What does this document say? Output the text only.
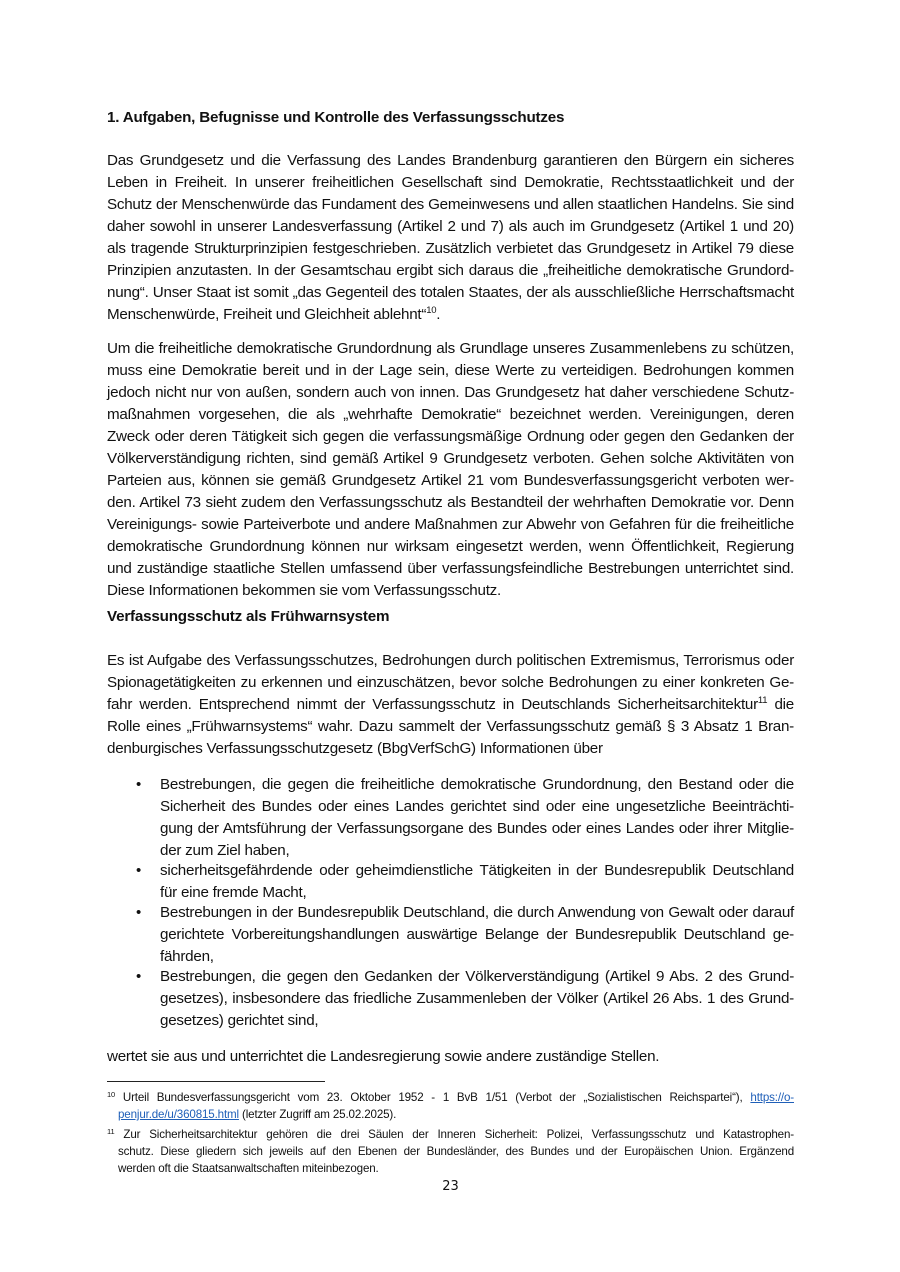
1. Aufgaben, Befugnisse und Kontrolle des Verfassungsschutzes
Das Grundgesetz und die Verfassung des Landes Brandenburg garantieren den Bürgern ein sicheres
Leben in Freiheit. In unserer freiheitlichen Gesellschaft sind Demokratie, Rechtsstaatlichkeit und der
Schutz der Menschenwürde das Fundament des Gemeinwesens und allen staatlichen Handelns. Sie sind
daher sowohl in unserer Landesverfassung (Artikel 2 und 7) als auch im Grundgesetz (Artikel 1 und 20)
als tragende Strukturprinzipien festgeschrieben. Zusätzlich verbietet das Grundgesetz in Artikel 79 diese
Prinzipien anzutasten. In der Gesamtschau ergibt sich daraus die „freiheitliche demokratische Grundord-
nung“. Unser Staat ist somit „das Gegenteil des totalen Staates, der als ausschließliche Herrschaftsmacht
Menschenwürde, Freiheit und Gleichheit ablehnt“$^{10}$.
Um die freiheitliche demokratische Grundordnung als Grundlage unseres Zusammenlebens zu schützen,
muss eine Demokratie bereit und in der Lage sein, diese Werte zu verteidigen. Bedrohungen kommen
jedoch nicht nur von außen, sondern auch von innen. Das Grundgesetz hat daher verschiedene Schutz-
maßnahmen vorgesehen, die als „wehrhafte Demokratie“ bezeichnet werden. Vereinigungen, deren
Zweck oder deren Tätigkeit sich gegen die verfassungsmäßige Ordnung oder gegen den Gedanken der
Völkerverständigung richten, sind gemäß Artikel 9 Grundgesetz verboten. Gehen solche Aktivitäten von
Parteien aus, können sie gemäß Grundgesetz Artikel 21 vom Bundesverfassungsgericht verboten wer-
den. Artikel 73 sieht zudem den Verfassungsschutz als Bestandteil der wehrhaften Demokratie vor. Denn
Vereinigungs- sowie Parteiverbote und andere Maßnahmen zur Abwehr von Gefahren für die freiheitliche
demokratische Grundordnung können nur wirksam eingesetzt werden, wenn Öffentlichkeit, Regierung
und zuständige staatliche Stellen umfassend über verfassungsfeindliche Bestrebungen unterrichtet sind.
Diese Informationen bekommen sie vom Verfassungsschutz.
Verfassungsschutz als Frühwarnsystem
Es ist Aufgabe des Verfassungsschutzes, Bedrohungen durch politischen Extremismus, Terrorismus oder
Spionagetätigkeiten zu erkennen und einzuschätzen, bevor solche Bedrohungen zu einer konkreten Ge-
fahr werden. Entsprechend nimmt der Verfassungsschutz in Deutschlands Sicherheitsarchitektur$^{11}$ die
Rolle eines „Frühwarnsystems“ wahr. Dazu sammelt der Verfassungsschutz gemäß § 3 Absatz 1 Bran-
denburgisches Verfassungsschutzgesetz (BbgVerfSchG) Informationen über
• Bestrebungen, die gegen die freiheitliche demokratische Grundordnung, den Bestand oder die
Sicherheit des Bundes oder eines Landes gerichtet sind oder eine ungesetzliche Beeinträchti-
gung der Amtsführung der Verfassungsorgane des Bundes oder eines Landes oder ihrer Mitglie-
der zum Ziel haben,
• sicherheitsgefährdende oder geheimdienstliche Tätigkeiten in der Bundesrepublik Deutschland
für eine fremde Macht,
• Bestrebungen in der Bundesrepublik Deutschland, die durch Anwendung von Gewalt oder darauf
gerichtete Vorbereitungshandlungen auswärtige Belange der Bundesrepublik Deutschland ge-
fährden,
• Bestrebungen, die gegen den Gedanken der Völkerverständigung (Artikel 9 Abs. 2 des Grund-
gesetzes), insbesondere das friedliche Zusammenleben der Völker (Artikel 26 Abs. 1 des Grund-
gesetzes) gerichtet sind,
wertet sie aus und unterrichtet die Landesregierung sowie andere zuständige Stellen.
$^{10}$ Urteil Bundesverfassungsgericht vom 23. Oktober 1952 - 1 BvB 1/51 (Verbot der „Sozialistischen Reichspartei“), https://o-
penjur.de/u/360815.html (letzter Zugriff am 25.02.2025).
$^{11}$ Zur Sicherheitsarchitektur gehören die drei Säulen der Inneren Sicherheit: Polizei, Verfassungsschutz und Katastrophen-
schutz. Diese gliedern sich jeweils auf den Ebenen der Bundesländer, des Bundes und der Europäischen Union. Ergänzend
werden oft die Staatsanwaltschaften miteinbezogen.
23
